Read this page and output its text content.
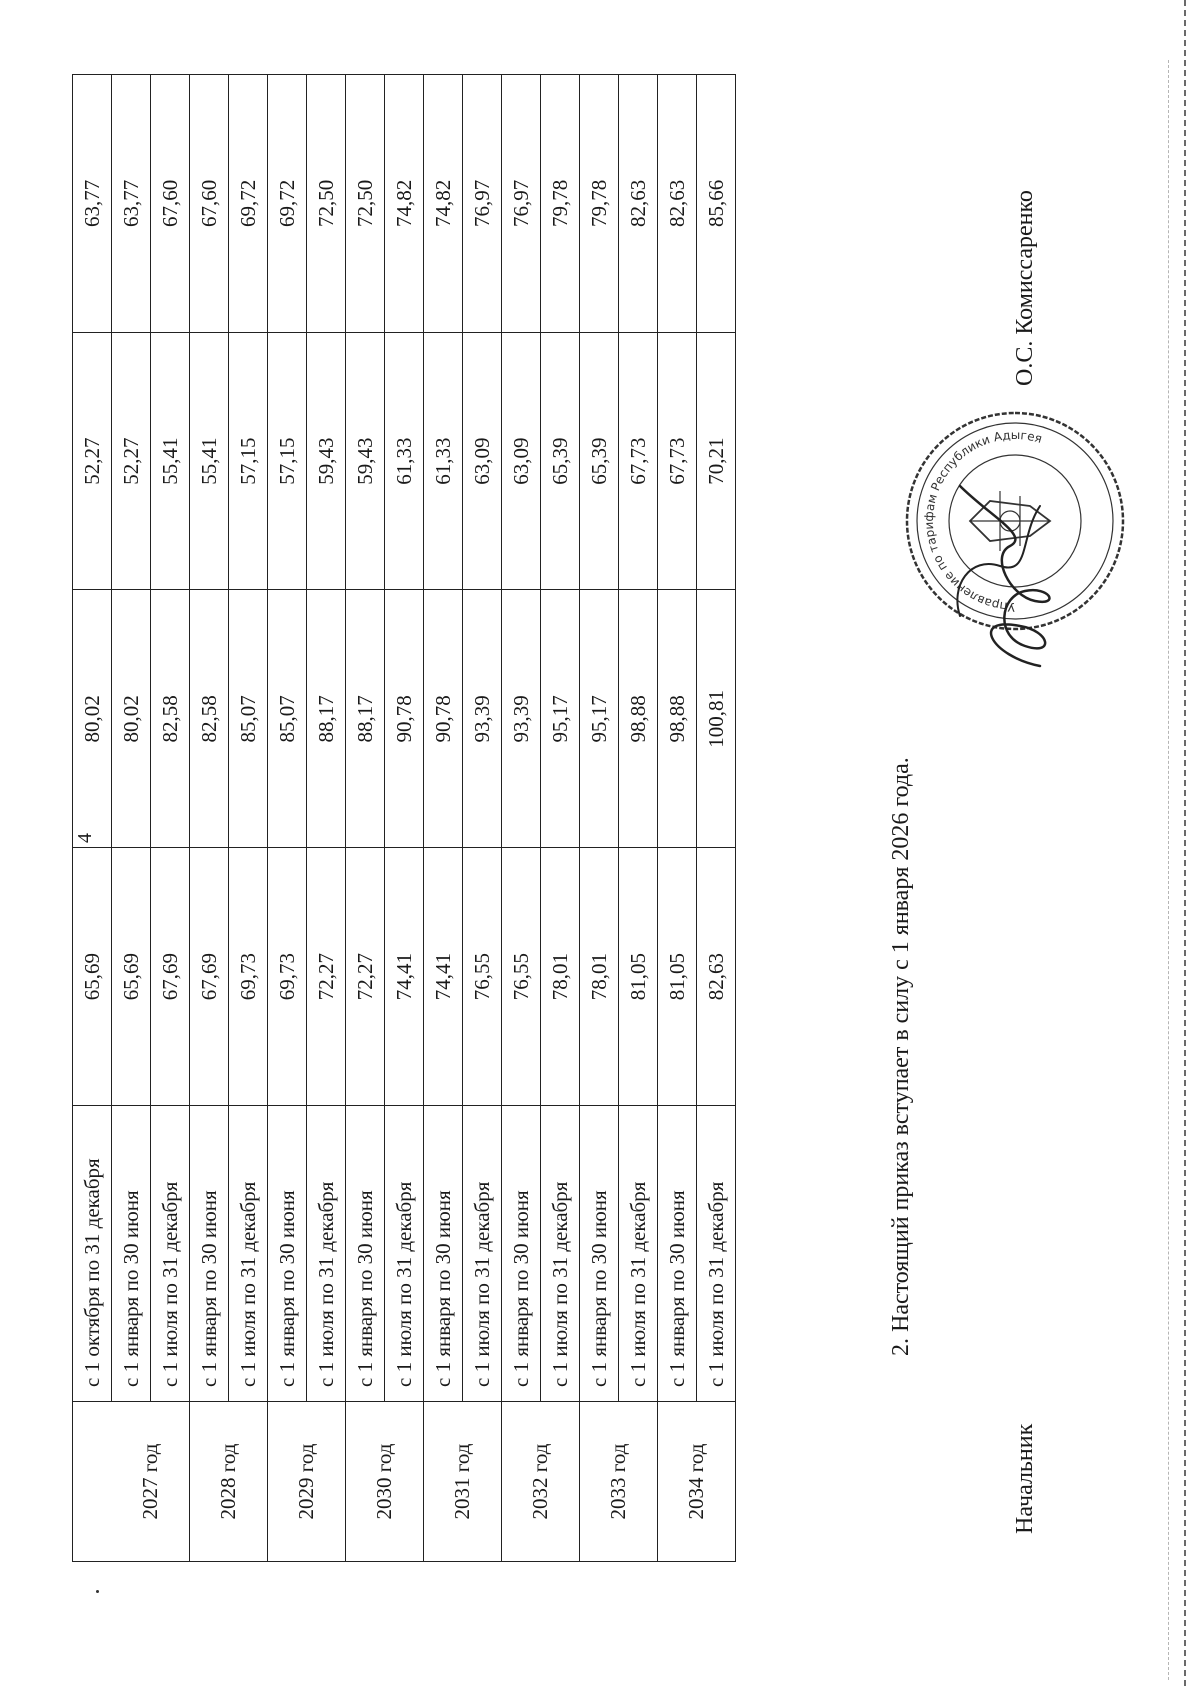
4
	с 1 октября по 31 декабря	65,69	80,02	52,27	63,77
2027 год	с 1 января по 30 июня	65,69	80,02	52,27	63,77
	с 1 июля по 31 декабря	67,69	82,58	55,41	67,60
2028 год	с 1 января по 30 июня	67,69	82,58	55,41	67,60
	с 1 июля по 31 декабря	69,73	85,07	57,15	69,72
2029 год	с 1 января по 30 июня	69,73	85,07	57,15	69,72
	с 1 июля по 31 декабря	72,27	88,17	59,43	72,50
2030 год	с 1 января по 30 июня	72,27	88,17	59,43	72,50
	с 1 июля по 31 декабря	74,41	90,78	61,33	74,82
2031 год	с 1 января по 30 июня	74,41	90,78	61,33	74,82
	с 1 июля по 31 декабря	76,55	93,39	63,09	76,97
2032 год	с 1 января по 30 июня	76,55	93,39	63,09	76,97
	с 1 июля по 31 декабря	78,01	95,17	65,39	79,78
2033 год	с 1 января по 30 июня	78,01	95,17	65,39	79,78
	с 1 июля по 31 декабря	81,05	98,88	67,73	82,63
2034 год	с 1 января по 30 июня	81,05	98,88	67,73	82,63
	с 1 июля по 31 декабря	82,63	100,81	70,21	85,66
2. Настоящий приказ вступает в силу с 1 января 2026 года.
Начальник
Управление по тарифам Республики Адыгея
О.С. Комиссаренко
